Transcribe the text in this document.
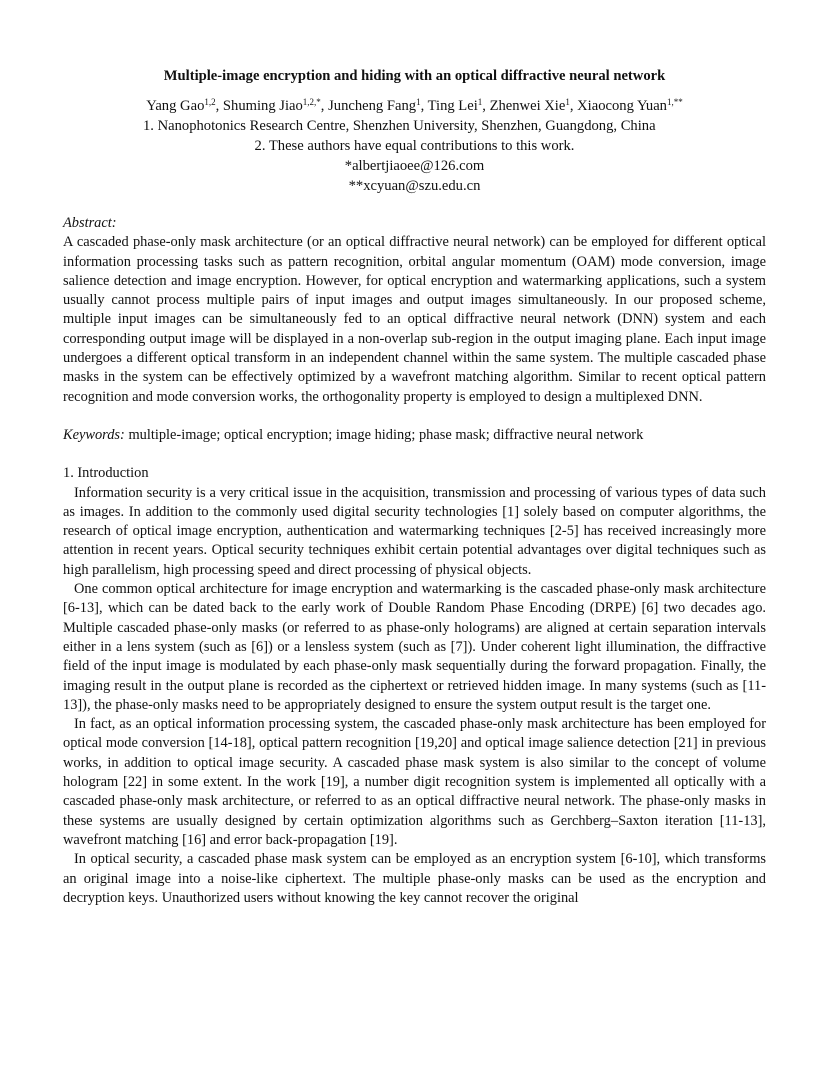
Multiple-image encryption and hiding with an optical diffractive neural network
Yang Gao$^{1,2}$, Shuming Jiao$^{1,2,*}$, Juncheng Fang$^1$, Ting Lei$^1$, Zhenwei Xie$^1$, Xiaocong Yuan$^{1,**}$
1. Nanophotonics Research Centre, Shenzhen University, Shenzhen, Guangdong, China
2. These authors have equal contributions to this work.
*albertjiaoee@126.com
**xcyuan@szu.edu.cn
Abstract:
A cascaded phase-only mask architecture (or an optical diffractive neural network) can be employed for different optical information processing tasks such as pattern recognition, orbital angular momentum (OAM) mode conversion, image salience detection and image encryption. However, for optical encryption and watermarking applications, such a system usually cannot process multiple pairs of input images and output images simultaneously. In our proposed scheme, multiple input images can be simultaneously fed to an optical diffractive neural network (DNN) system and each corresponding output image will be displayed in a non-overlap sub-region in the output imaging plane. Each input image undergoes a different optical transform in an independent channel within the same system. The multiple cascaded phase masks in the system can be effectively optimized by a wavefront matching algorithm. Similar to recent optical pattern recognition and mode conversion works, the orthogonality property is employed to design a multiplexed DNN.
Keywords: multiple-image; optical encryption; image hiding; phase mask; diffractive neural network
1. Introduction
Information security is a very critical issue in the acquisition, transmission and processing of various types of data such as images. In addition to the commonly used digital security technologies [1] solely based on computer algorithms, the research of optical image encryption, authentication and watermarking techniques [2-5] has received increasingly more attention in recent years. Optical security techniques exhibit certain potential advantages over digital techniques such as high parallelism, high processing speed and direct processing of physical objects.
One common optical architecture for image encryption and watermarking is the cascaded phase-only mask architecture [6-13], which can be dated back to the early work of Double Random Phase Encoding (DRPE) [6] two decades ago. Multiple cascaded phase-only masks (or referred to as phase-only holograms) are aligned at certain separation intervals either in a lens system (such as [6]) or a lensless system (such as [7]). Under coherent light illumination, the diffractive field of the input image is modulated by each phase-only mask sequentially during the forward propagation. Finally, the imaging result in the output plane is recorded as the ciphertext or retrieved hidden image. In many systems (such as [11-13]), the phase-only masks need to be appropriately designed to ensure the system output result is the target one.
In fact, as an optical information processing system, the cascaded phase-only mask architecture has been employed for optical mode conversion [14-18], optical pattern recognition [19,20] and optical image salience detection [21] in previous works, in addition to optical image security. A cascaded phase mask system is also similar to the concept of volume hologram [22] in some extent. In the work [19], a number digit recognition system is implemented all optically with a cascaded phase-only mask architecture, or referred to as an optical diffractive neural network. The phase-only masks in these systems are usually designed by certain optimization algorithms such as Gerchberg–Saxton iteration [11-13], wavefront matching [16] and error back-propagation [19].
In optical security, a cascaded phase mask system can be employed as an encryption system [6-10], which transforms an original image into a noise-like ciphertext. The multiple phase-only masks can be used as the encryption and decryption keys. Unauthorized users without knowing the key cannot recover the original
